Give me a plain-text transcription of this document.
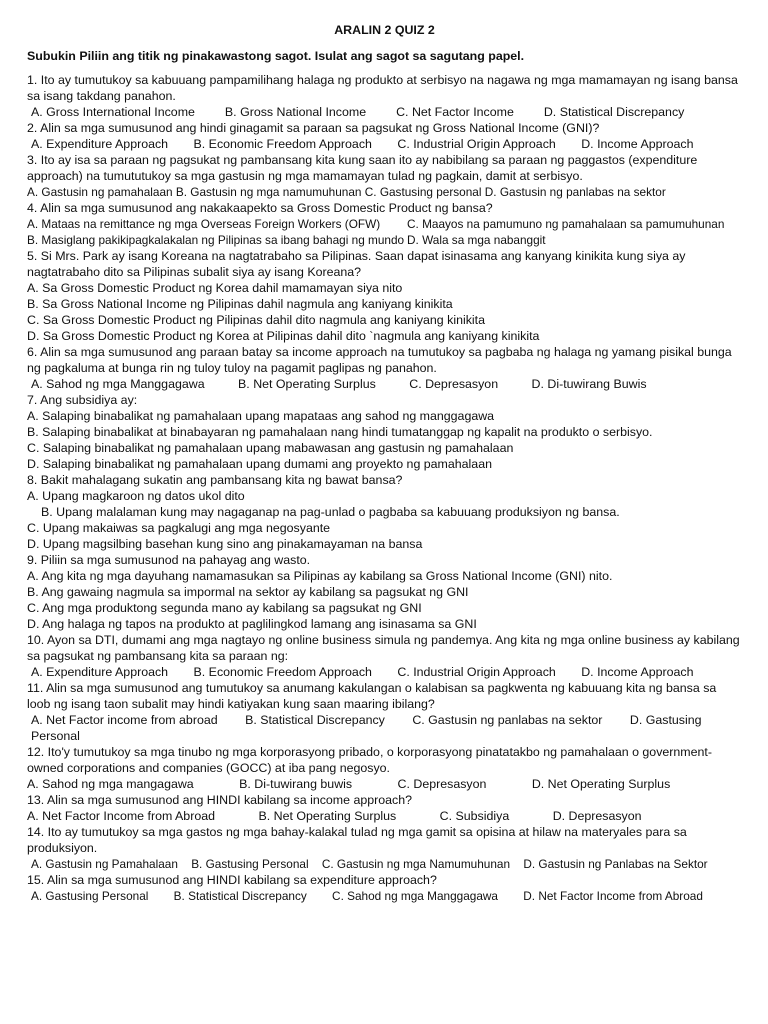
ARALIN 2 QUIZ 2
Subukin Piliin ang titik ng pinakawastong sagot. Isulat ang sagot sa sagutang papel.
1. Ito ay tumutukoy sa kabuuang pampamilihang halaga ng produkto at serbisyo na nagawa ng mga mamamayan ng isang bansa sa isang takdang panahon.
A. Gross International Income B. Gross National Income C. Net Factor Income D. Statistical Discrepancy
2. Alin sa mga sumusunod ang hindi ginagamit sa paraan sa pagsukat ng Gross National Income (GNI)?
A. Expenditure Approach B. Economic Freedom Approach C. Industrial Origin Approach D. Income Approach
3. Ito ay isa sa paraan ng pagsukat ng pambansang kita kung saan ito ay nabibilang sa paraan ng paggastos (expenditure approach) na tumututukoy sa mga gastusin ng mga mamamayan tulad ng pagkain, damit at serbisyo.
A. Gastusin ng pamahalaan B. Gastusin ng mga namumuhunan C. Gastusing personal D. Gastusin ng panlabas na sektor
4. Alin sa mga sumusunod ang nakakaapekto sa Gross Domestic Product ng bansa?
A. Mataas na remittance ng mga Overseas Foreign Workers (OFW)	C. Maayos na pamumuno ng pamahalaan sa pamumuhunan
B. Masiglang pakikipagkalakalan ng Pilipinas sa ibang bahagi ng mundo D. Wala sa mga nabanggit
5. Si Mrs. Park ay isang Koreana na nagtatrabaho sa Pilipinas. Saan dapat isinasama ang kanyang kinikita kung siya ay nagtatrabaho dito sa Pilipinas subalit siya ay isang Koreana?
A. Sa Gross Domestic Product ng Korea dahil mamamayan siya nito
B. Sa Gross National Income ng Pilipinas dahil nagmula ang kaniyang kinikita
C. Sa Gross Domestic Product ng Pilipinas dahil dito nagmula ang kaniyang kinikita
D. Sa Gross Domestic Product ng Korea at Pilipinas dahil dito `nagmula ang kaniyang kinikita
6. Alin sa mga sumusunod ang paraan batay sa income approach na tumutukoy sa pagbaba ng halaga ng yamang pisikal bunga ng pagkaluma at bunga rin ng tuloy tuloy na pagamit paglipas ng panahon.
A. Sahod ng mga Manggagawa	B. Net Operating Surplus	C. Depresasyon	D. Di-tuwirang Buwis
7. Ang subsidiya ay:
A. Salaping binabalikat ng pamahalaan upang mapataas ang sahod ng manggagawa
B. Salaping binabalikat at binabayaran ng pamahalaan nang hindi tumatanggap ng kapalit na produkto o serbisyo.
C. Salaping binabalikat ng pamahalaan upang mabawasan ang gastusin ng pamahalaan
D. Salaping binabalikat ng pamahalaan upang dumami ang proyekto ng pamahalaan
8. Bakit mahalagang sukatin ang pambansang kita ng bawat bansa?
A. Upang magkaroon ng datos ukol dito
B. Upang malalaman kung may nagaganap na pag-unlad o pagbaba sa kabuuang produksiyon ng bansa.
C. Upang makaiwas sa pagkalugi ang mga negosyante
D. Upang magsilbing basehan kung sino ang pinakamayaman na bansa
9. Piliin sa mga sumusunod na pahayag ang wasto.
A. Ang kita ng mga dayuhang namamasukan sa Pilipinas ay kabilang sa Gross National Income (GNI) nito.
B. Ang gawaing nagmula sa impormal na sektor ay kabilang sa pagsukat ng GNI
C. Ang mga produktong segunda mano ay kabilang sa pagsukat ng GNI
D. Ang halaga ng tapos na produkto at paglilingkod lamang ang isinasama sa GNI
10. Ayon sa DTI, dumami ang mga nagtayo ng online business simula ng pandemya. Ang kita ng mga online business ay kabilang sa pagsukat ng pambansang kita sa paraan ng:
A. Expenditure Approach B. Economic Freedom Approach C. Industrial Origin Approach D. Income Approach
11. Alin sa mga sumusunod ang tumutukoy sa anumang kakulangan o kalabisan sa pagkwenta ng kabuuang kita ng bansa sa loob ng isang taon subalit may hindi katiyakan kung saan maaring ibilang?
A. Net Factor income from abroad B. Statistical Discrepancy C. Gastusin ng panlabas na sektor D. Gastusing Personal
12. Ito'y tumutukoy sa mga tinubo ng mga korporasyong pribado, o korporasyong pinatatakbo ng pamahalaan o government-owned corporations and companies (GOCC) at iba pang negosyo.
A. Sahod ng mga mangagawa	B. Di-tuwirang buwis	C. Depresasyon	D. Net Operating Surplus
13. Alin sa mga sumusunod ang HINDI kabilang sa income approach?
A. Net Factor Income from Abroad	B. Net Operating Surplus	C. Subsidiya	D. Depresasyon
14. Ito ay tumutukoy sa mga gastos ng mga bahay-kalakal tulad ng mga gamit sa opisina at hilaw na materyales para sa produksiyon.
A. Gastusin ng Pamahalaan B. Gastusing Personal C. Gastusin ng mga Namumuhunan D. Gastusin ng Panlabas na Sektor
15. Alin sa mga sumusunod ang HINDI kabilang sa expenditure approach?
A. Gastusing Personal B. Statistical Discrepancy C. Sahod ng mga Manggagawa D. Net Factor Income from Abroad
